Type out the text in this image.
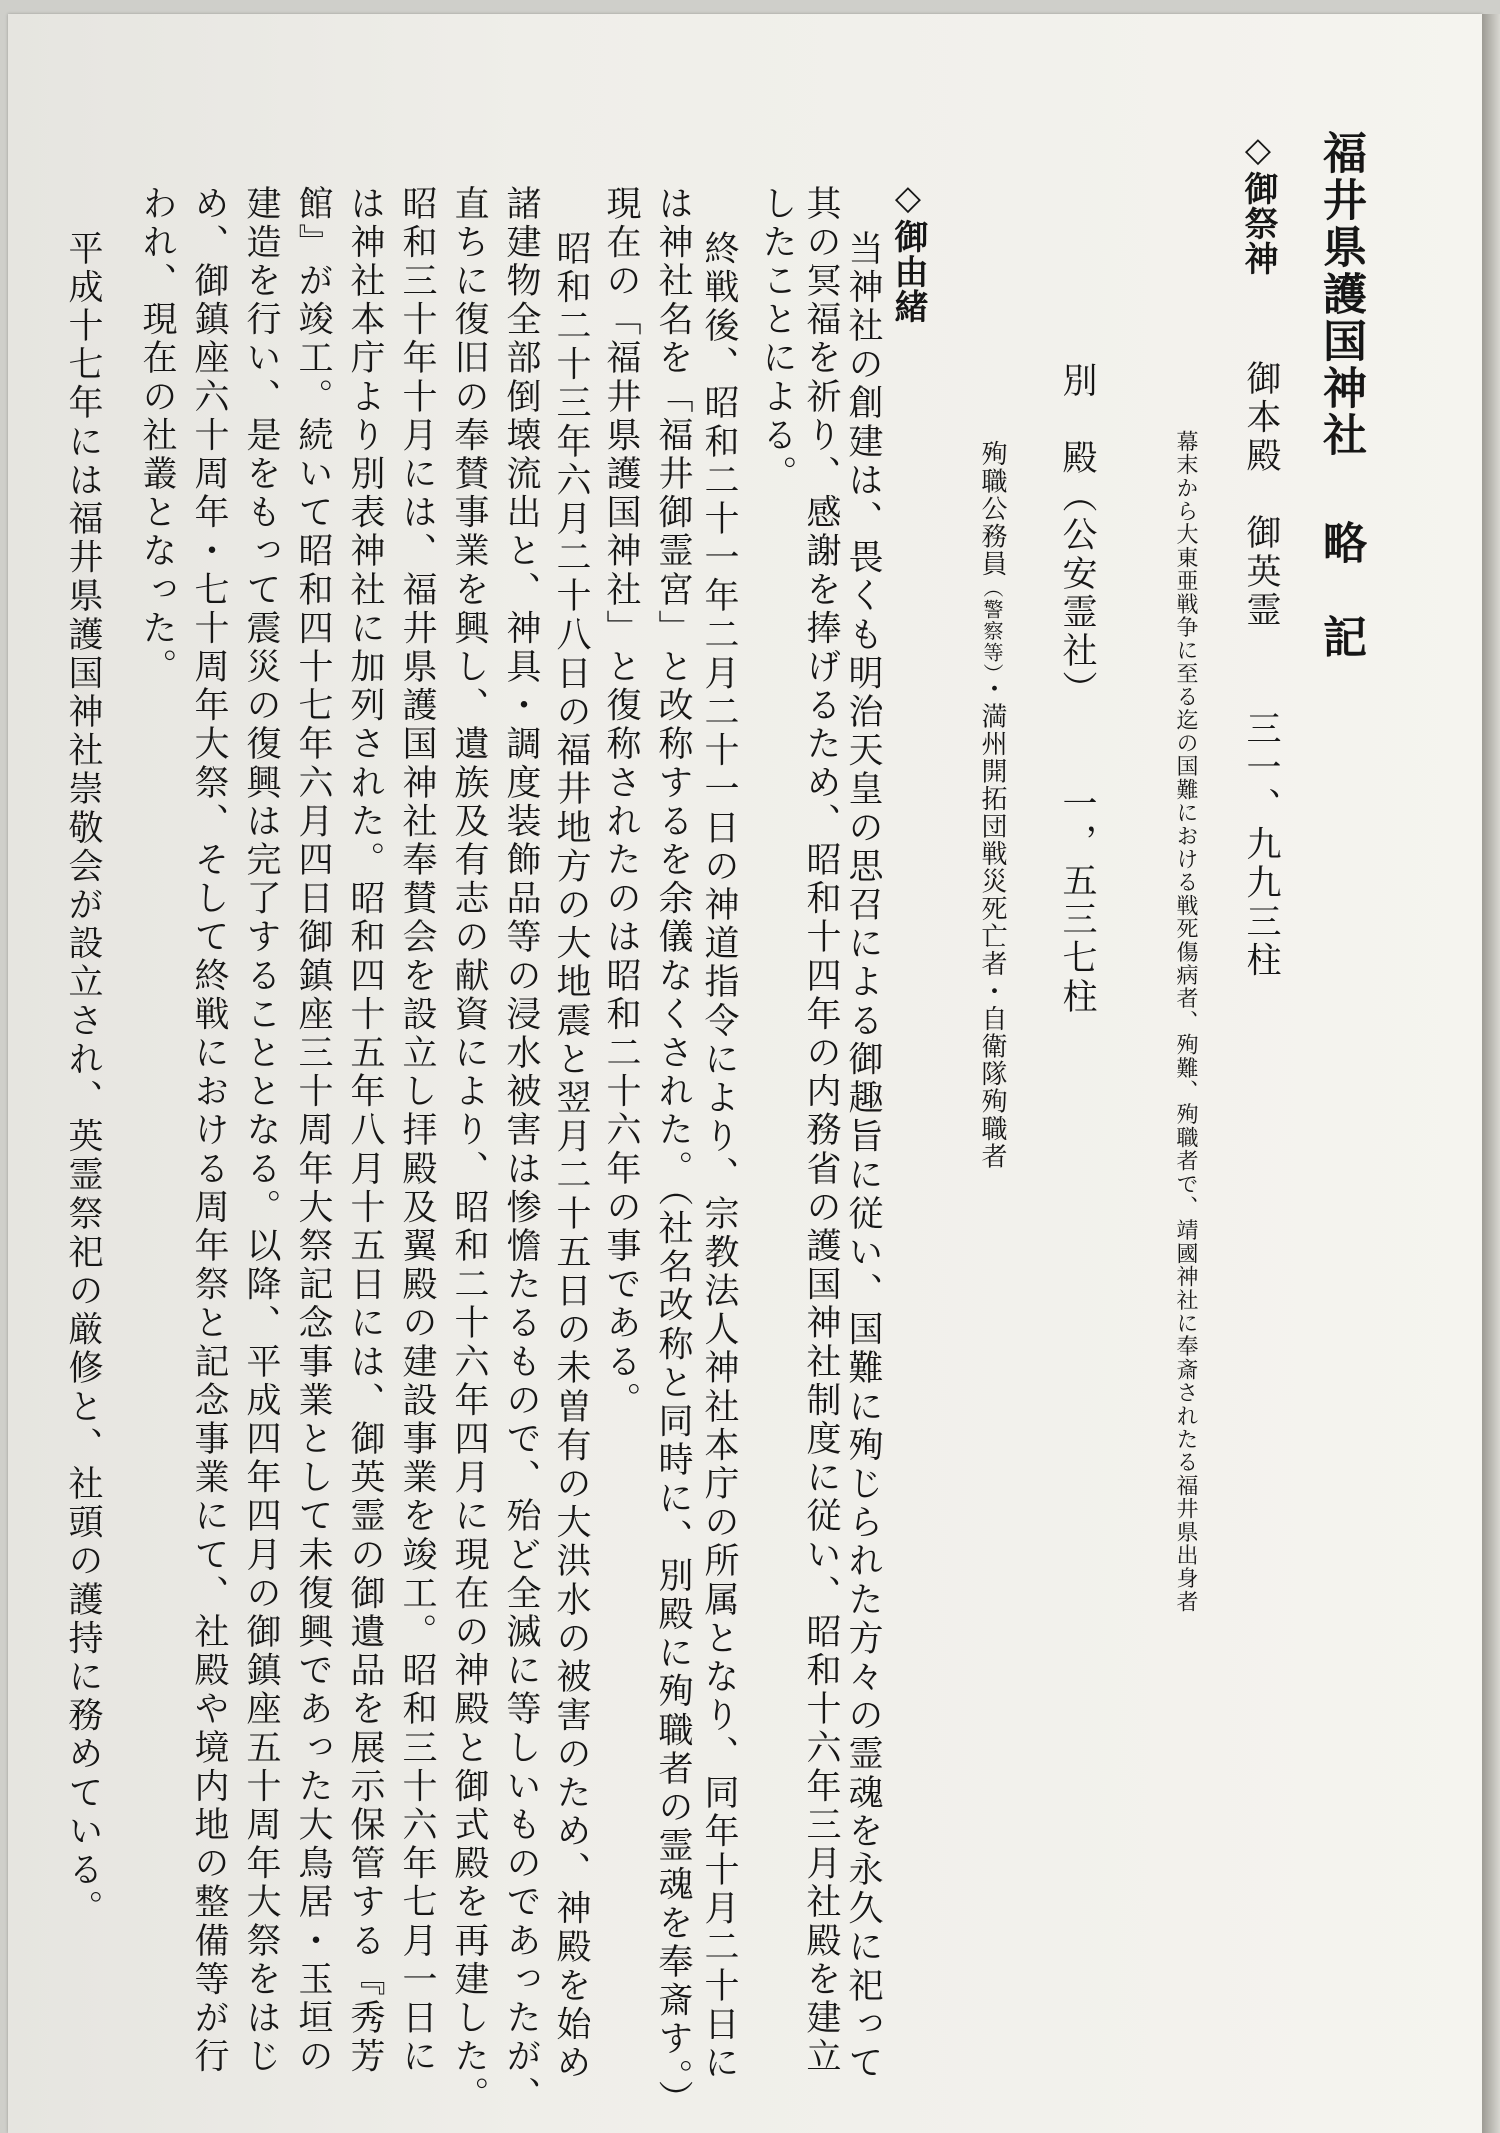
福井県護国神社
略　記
◇御祭神
御本殿　御英霊
三一、九九三柱
幕末から大東亜戦争に至る迄の国難における戦死傷病者、殉難、殉職者で、靖國神社に奉斎されたる福井県出身者
別　殿（公安霊社）
一，五三七柱
殉職公務員（警察等）・満州開拓団戦災死亡者・自衛隊殉職者
◇御由緒
当神社の創建は、畏くも明治天皇の思召による御趣旨に従い、国難に殉じられた方々の霊魂を永久に祀って
其の冥福を祈り、感謝を捧げるため、昭和十四年の内務省の護国神社制度に従い、昭和十六年三月社殿を建立
したことによる。
終戦後、昭和二十一年二月二十一日の神道指令により、宗教法人神社本庁の所属となり、同年十月二十日に
は神社名を「福井御霊宮」と改称するを余儀なくされた。（社名改称と同時に、別殿に殉職者の霊魂を奉斎す。）
現在の「福井県護国神社」と復称されたのは昭和二十六年の事である。
昭和二十三年六月二十八日の福井地方の大地震と翌月二十五日の未曽有の大洪水の被害のため、神殿を始め
諸建物全部倒壊流出と、神具・調度装飾品等の浸水被害は惨憺たるもので、殆ど全滅に等しいものであったが、
直ちに復旧の奉賛事業を興し、遺族及有志の献資により、昭和二十六年四月に現在の神殿と御式殿を再建した。
昭和三十年十月には、福井県護国神社奉賛会を設立し拝殿及翼殿の建設事業を竣工。昭和三十六年七月一日に
は神社本庁より別表神社に加列された。昭和四十五年八月十五日には、御英霊の御遺品を展示保管する『秀芳
館』が竣工。続いて昭和四十七年六月四日御鎮座三十周年大祭記念事業として未復興であった大鳥居・玉垣の
建造を行い、是をもって震災の復興は完了することとなる。以降、平成四年四月の御鎮座五十周年大祭をはじ
め、御鎮座六十周年・七十周年大祭、そして終戦における周年祭と記念事業にて、社殿や境内地の整備等が行
われ、現在の社叢となった。
平成十七年には福井県護国神社崇敬会が設立され、英霊祭祀の厳修と、社頭の護持に務めている。
